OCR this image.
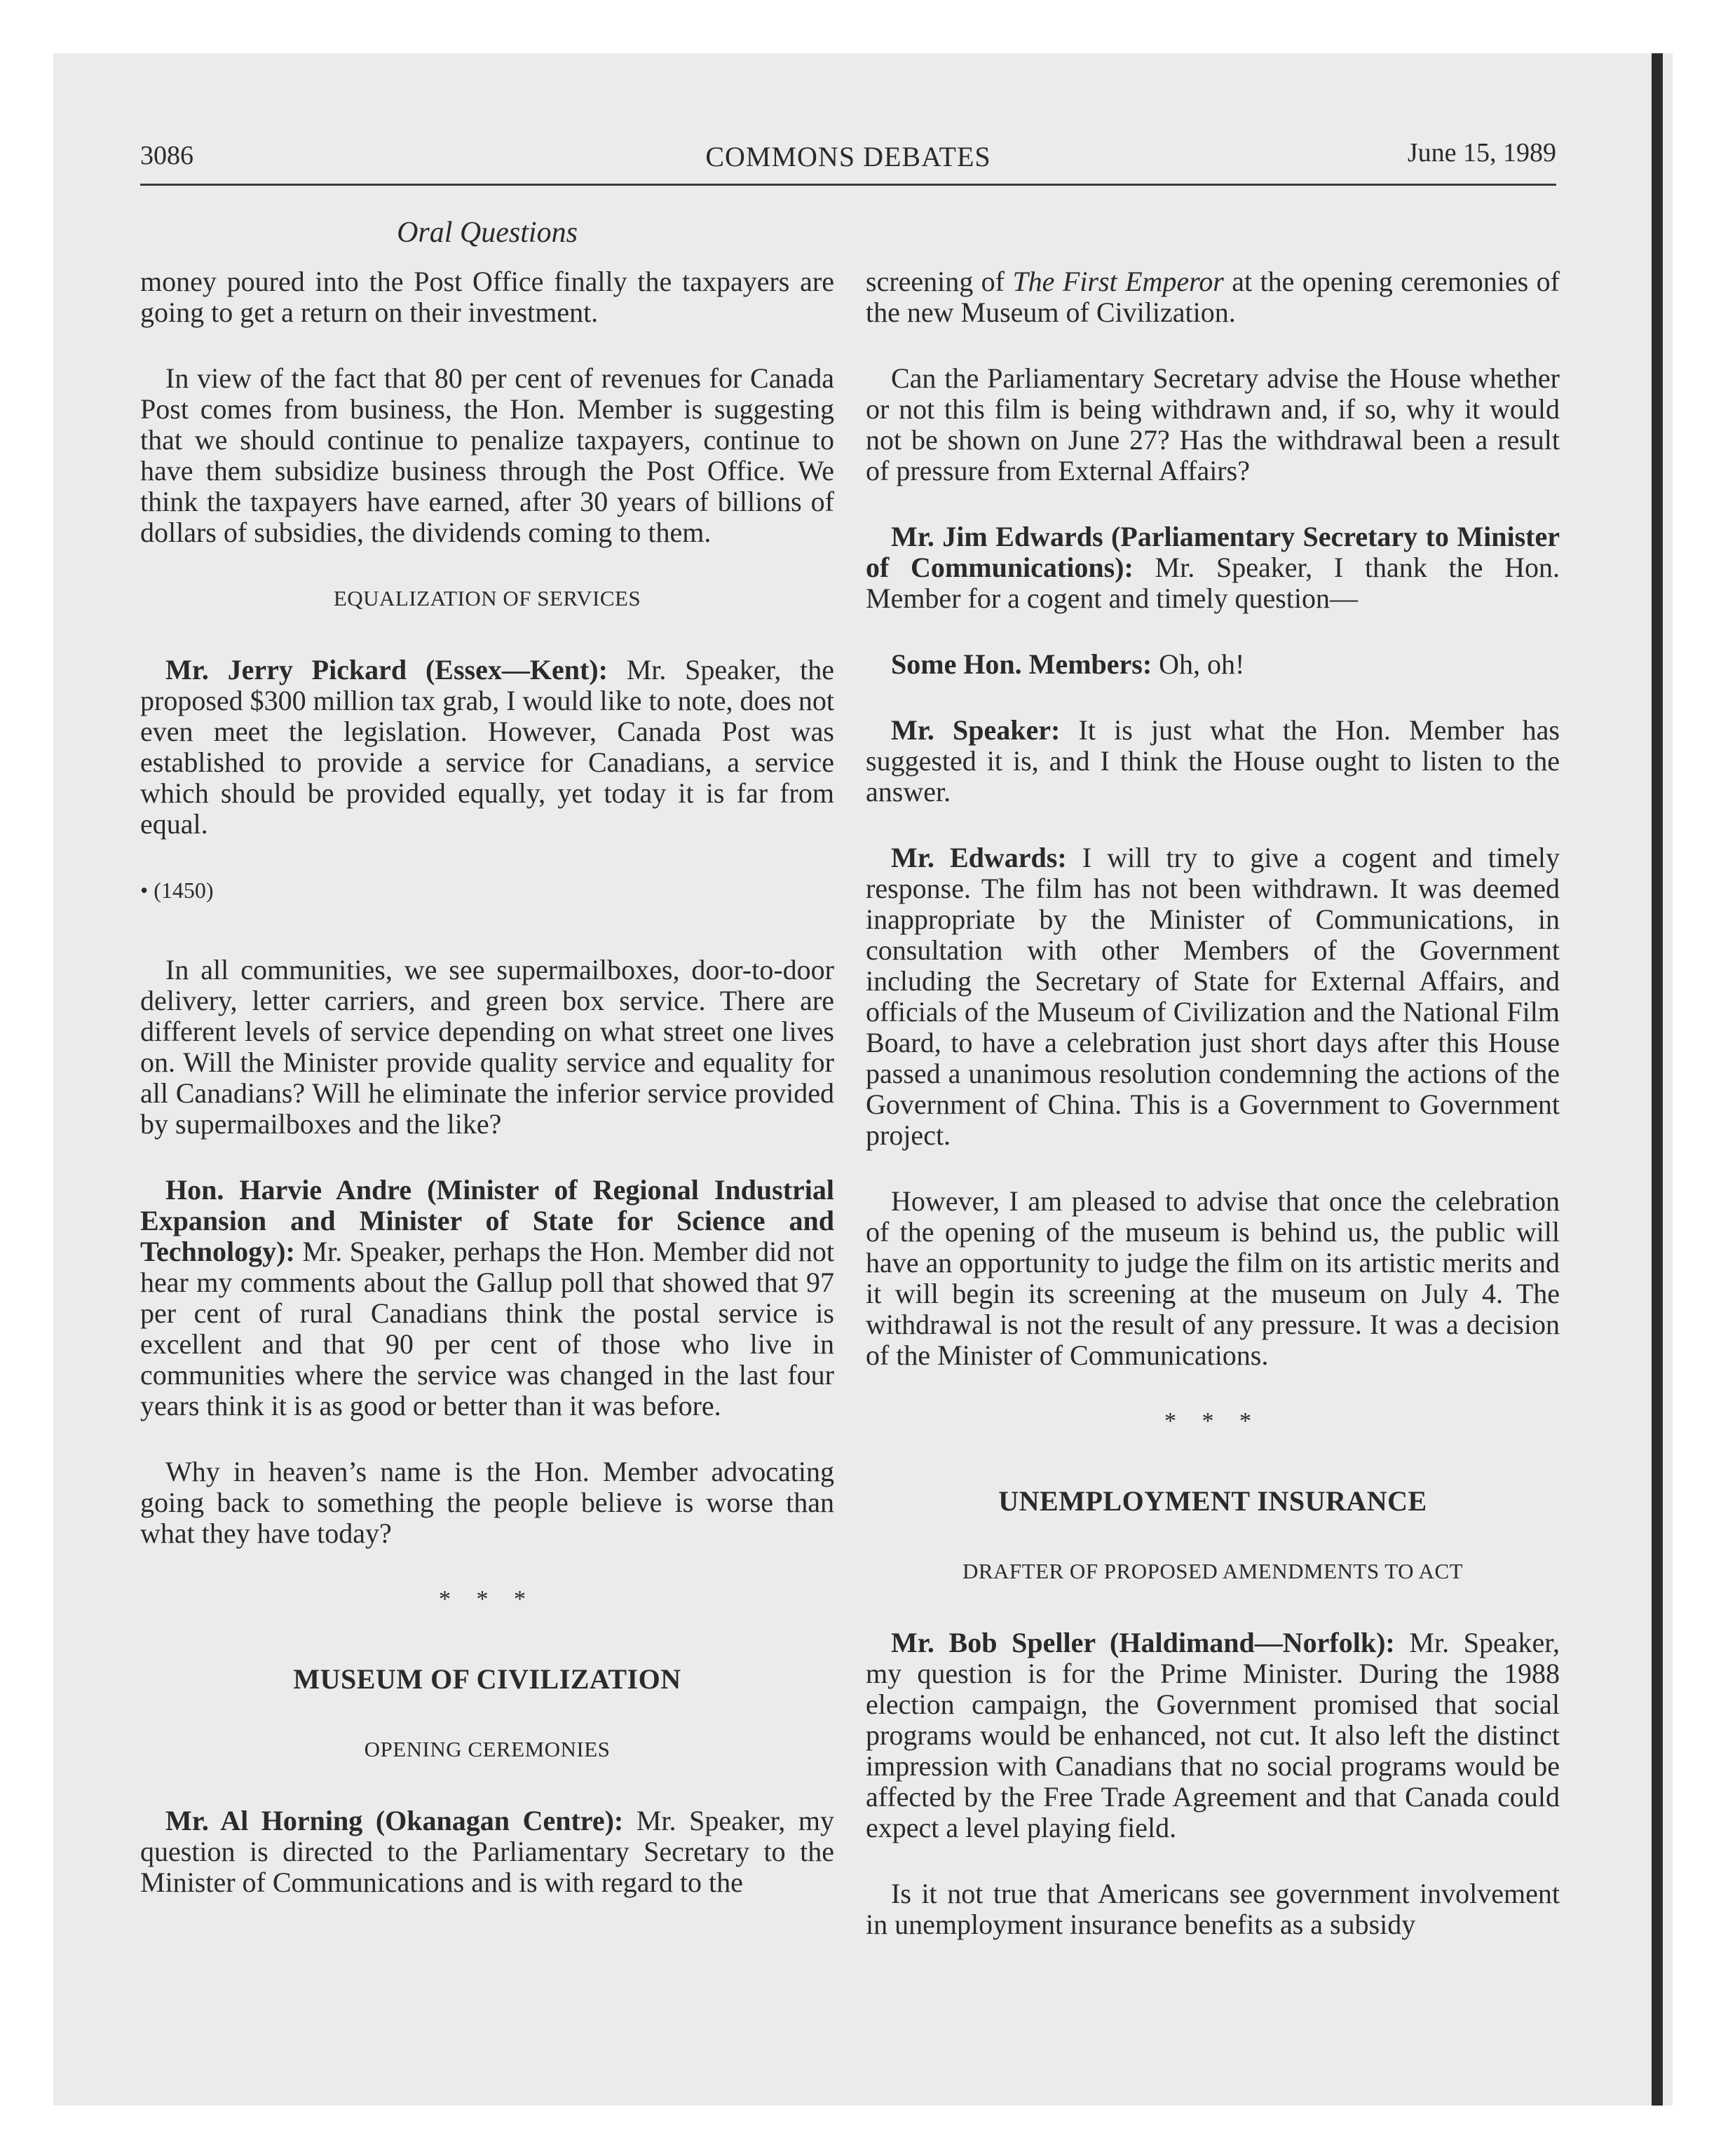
3086	COMMONS DEBATES	June 15, 1989
Oral Questions

money poured into the Post Office finally the taxpayers are going to get a return on their investment.

In view of the fact that 80 per cent of revenues for Canada Post comes from business, the Hon. Member is suggesting that we should continue to penalize taxpayers, continue to have them subsidize business through the Post Office. We think the taxpayers have earned, after 30 years of billions of dollars of subsidies, the dividends coming to them.

EQUALIZATION OF SERVICES

Mr. Jerry Pickard (Essex—Kent): Mr. Speaker, the proposed $300 million tax grab, I would like to note, does not even meet the legislation. However, Canada Post was established to provide a service for Canadians, a service which should be provided equally, yet today it is far from equal.

• (1450)

In all communities, we see supermailboxes, door-to-door delivery, letter carriers, and green box service. There are different levels of service depending on what street one lives on. Will the Minister provide quality service and equality for all Canadians? Will he eliminate the inferior service provided by supermailboxes and the like?

Hon. Harvie Andre (Minister of Regional Industrial Expansion and Minister of State for Science and Technology): Mr. Speaker, perhaps the Hon. Member did not hear my comments about the Gallup poll that showed that 97 per cent of rural Canadians think the postal service is excellent and that 90 per cent of those who live in communities where the service was changed in the last four years think it is as good or better than it was before.

Why in heaven’s name is the Hon. Member advocating going back to something the people believe is worse than what they have today?

* * *
MUSEUM OF CIVILIZATION
OPENING CEREMONIES

Mr. Al Horning (Okanagan Centre): Mr. Speaker, my question is directed to the Parliamentary Secretary to the Minister of Communications and is with regard to the

screening of The First Emperor at the opening ceremonies of the new Museum of Civilization.

Can the Parliamentary Secretary advise the House whether or not this film is being withdrawn and, if so, why it would not be shown on June 27? Has the withdrawal been a result of pressure from External Affairs?

Mr. Jim Edwards (Parliamentary Secretary to Minister of Communications): Mr. Speaker, I thank the Hon. Member for a cogent and timely question—

Some Hon. Members: Oh, oh!

Mr. Speaker: It is just what the Hon. Member has suggested it is, and I think the House ought to listen to the answer.

Mr. Edwards: I will try to give a cogent and timely response. The film has not been withdrawn. It was deemed inappropriate by the Minister of Communications, in consultation with other Members of the Government including the Secretary of State for External Affairs, and officials of the Museum of Civilization and the National Film Board, to have a celebration just short days after this House passed a unanimous resolution condemning the actions of the Government of China. This is a Government to Government project.

However, I am pleased to advise that once the celebration of the opening of the museum is behind us, the public will have an opportunity to judge the film on its artistic merits and it will begin its screening at the museum on July 4. The withdrawal is not the result of any pressure. It was a decision of the Minister of Communications.

* * *
UNEMPLOYMENT INSURANCE
DRAFTER OF PROPOSED AMENDMENTS TO ACT

Mr. Bob Speller (Haldimand—Norfolk): Mr. Speaker, my question is for the Prime Minister. During the 1988 election campaign, the Government promised that social programs would be enhanced, not cut. It also left the distinct impression with Canadians that no social programs would be affected by the Free Trade Agreement and that Canada could expect a level playing field.

Is it not true that Americans see government involvement in unemployment insurance benefits as a subsidy
